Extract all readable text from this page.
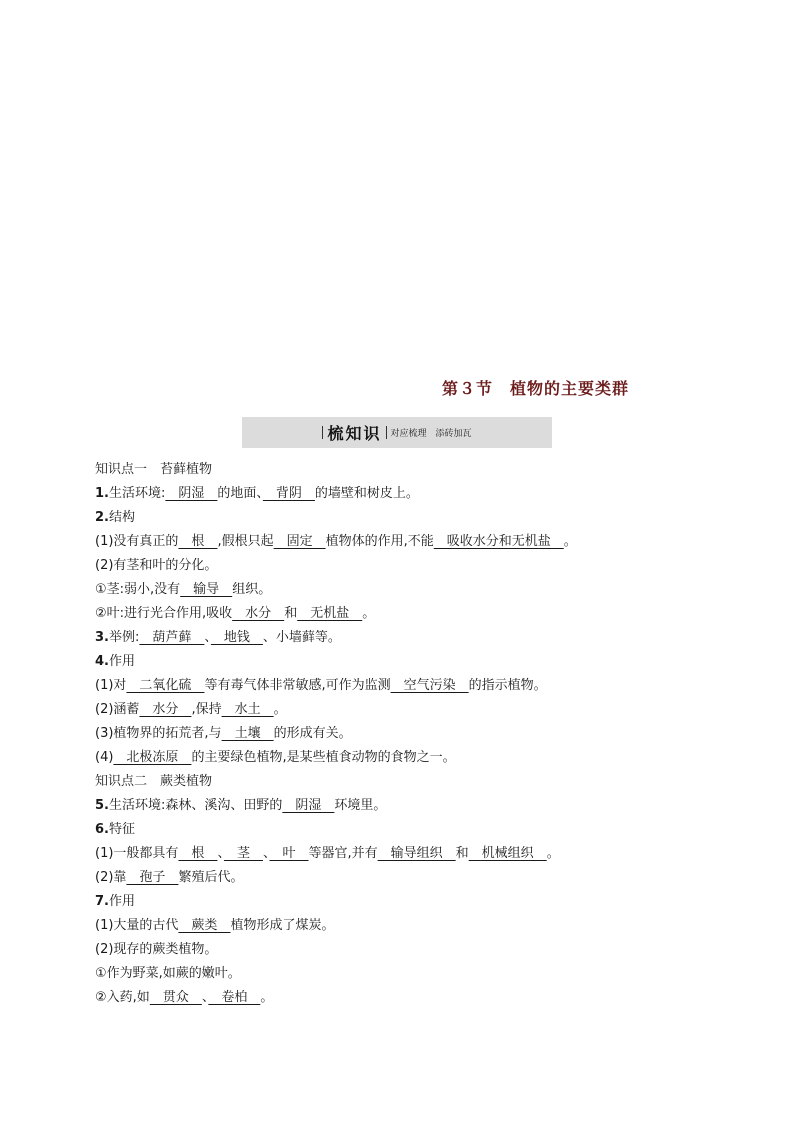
第３节　植物的主要类群
梳知识 对应梳理　添砖加瓦
知识点一　苔藓植物
1.生活环境:　阴湿　的地面、　背阴　的墙壁和树皮上。
2.结构
(1)没有真正的　根　,假根只起　固定　植物体的作用,不能　吸收水分和无机盐　。
(2)有茎和叶的分化。
①茎:弱小,没有　输导　组织。
②叶:进行光合作用,吸收　水分　和　无机盐　。
3.举例:　葫芦藓　、　地钱　、小墙藓等。
4.作用
(1)对　二氧化硫　等有毒气体非常敏感,可作为监测　空气污染　的指示植物。
(2)涵蓄　水分　,保持　水土　。
(3)植物界的拓荒者,与　土壤　的形成有关。
(4)　北极冻原　的主要绿色植物,是某些植食动物的食物之一。
知识点二　蕨类植物
5.生活环境:森林、溪沟、田野的　阴湿　环境里。
6.特征
(1)一般都具有　根　、　茎　、　叶　等器官,并有　输导组织　和　机械组织　。
(2)靠　孢子　繁殖后代。
7.作用
(1)大量的古代　蕨类　植物形成了煤炭。
(2)现存的蕨类植物。
①作为野菜,如蕨的嫩叶。
②入药,如　贯众　、　卷柏　。
